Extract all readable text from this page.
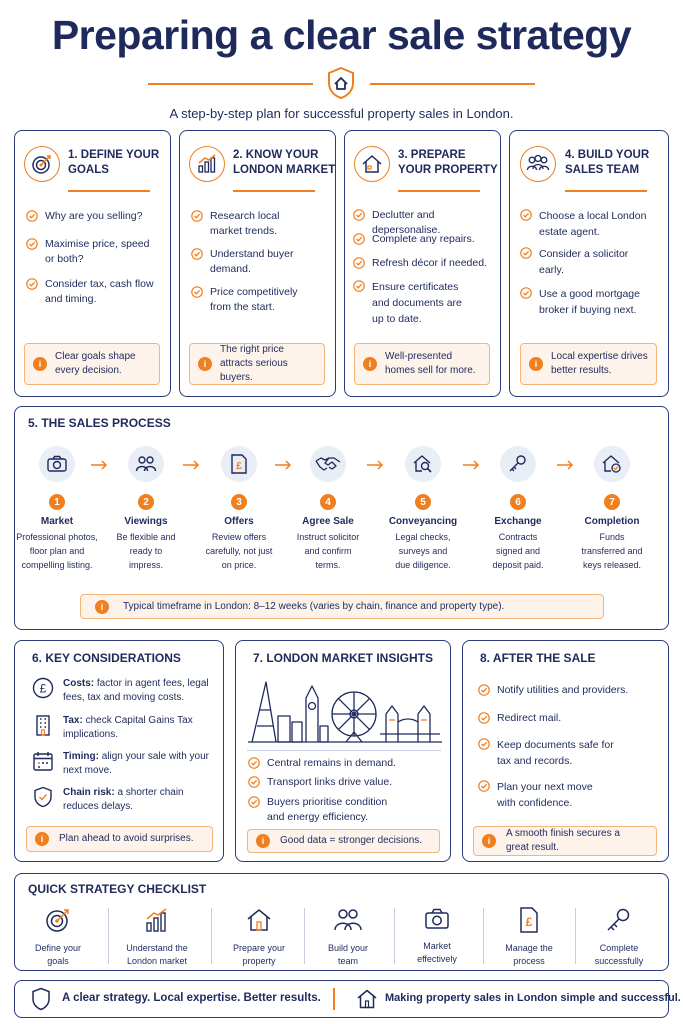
Preparing a clear sale strategy
A step-by-step plan for successful property sales in London.
1. DEFINE YOUR
GOALS
Why are you selling?
Maximise price, speed or both?
Consider tax, cash flow and timing.
i
Clear goals shape every decision.
2. KNOW YOUR
LONDON MARKET
Research local market trends.
Understand buyer demand.
Price competitively from the start.
i
The right price attracts serious buyers.
3. PREPARE
YOUR PROPERTY
Declutter and depersonalise.
Complete any repairs.
Refresh décor if needed.
Ensure certificates and documents are up to date.
i
Well-presented homes sell for more.
4. BUILD YOUR
SALES TEAM
Choose a local London estate agent.
Consider a solicitor early.
Use a good mortgage broker if buying next.
i
Local expertise drives better results.
5. THE SALES PROCESS
1
Market
Professional photos, floor plan and compelling listing.
2
Viewings
Be flexible and ready to impress.
£
3
Offers
Review offers carefully, not just on price.
4
Agree Sale
Instruct solicitor and confirm terms.
5
Conveyancing
Legal checks, surveys and due diligence.
6
Exchange
Contracts signed and deposit paid.
7
Completion
Funds transferred and keys released.
i	Typical timeframe in London: 8–12 weeks (varies by chain, finance and property type).
6. KEY CONSIDERATIONS
£ Costs: factor in agent fees, legal fees, tax and moving costs.
Tax: check Capital Gains Tax implications.
Timing: align your sale with your next move.
Chain risk: a shorter chain reduces delays.
i	Plan ahead to avoid surprises.
7. LONDON MARKET INSIGHTS
Central remains in demand.
Transport links drive value.
Buyers prioritise condition and energy efficiency.
i	Good data = stronger decisions.
8. AFTER THE SALE
Notify utilities and providers.
Redirect mail.
Keep documents safe for tax and records.
Plan your next move with confidence.
i
A smooth finish secures a great result.
QUICK STRATEGY CHECKLIST
Define your
goals
Understand the
London market
Prepare your
property
Build your
team
Market
effectively
£
Manage the
process
Complete
successfully
A clear strategy. Local expertise. Better results.	Making property sales in London simple and successful.
